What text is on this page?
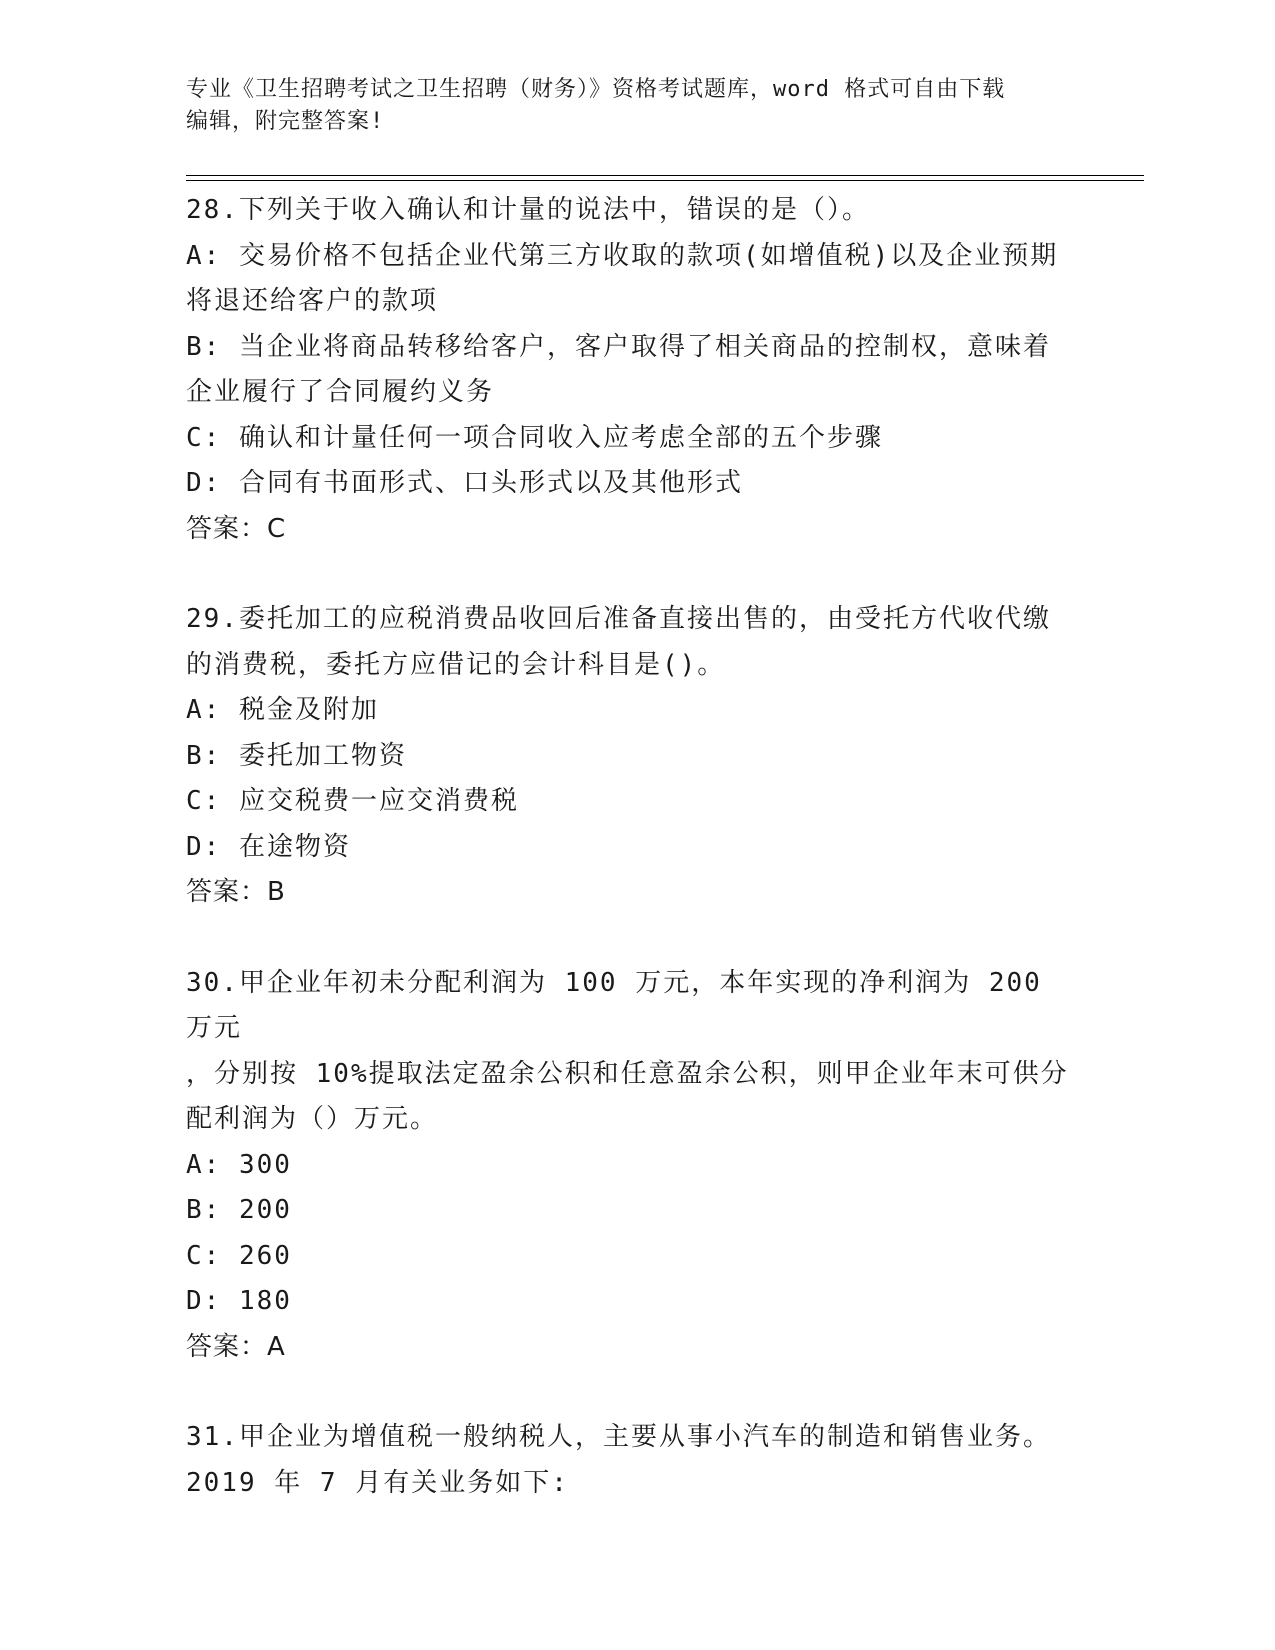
专业《卫生招聘考试之卫生招聘（财务）》资格考试题库，word 格式可自由下载
编辑，附完整答案!
28.下列关于收入确认和计量的说法中，错误的是（）。
A: 交易价格不包括企业代第三方收取的款项(如增值税)以及企业预期
将退还给客户的款项
B: 当企业将商品转移给客户，客户取得了相关商品的控制权，意味着
企业履行了合同履约义务
C: 确认和计量任何一项合同收入应考虑全部的五个步骤
D: 合同有书面形式、口头形式以及其他形式
答案：C
29.委托加工的应税消费品收回后准备直接出售的，由受托方代收代缴
的消费税，委托方应借记的会计科目是()。
A: 税金及附加
B: 委托加工物资
C: 应交税费一应交消费税
D: 在途物资
答案：B
30.甲企业年初未分配利润为 100 万元，本年实现的净利润为 200 万元
，分别按 10%提取法定盈余公积和任意盈余公积，则甲企业年末可供分
配利润为（）万元。
A: 300
B: 200
C: 260
D: 180
答案：A
31.甲企业为增值税一般纳税人，主要从事小汽车的制造和销售业务。
2019 年 7 月有关业务如下:
